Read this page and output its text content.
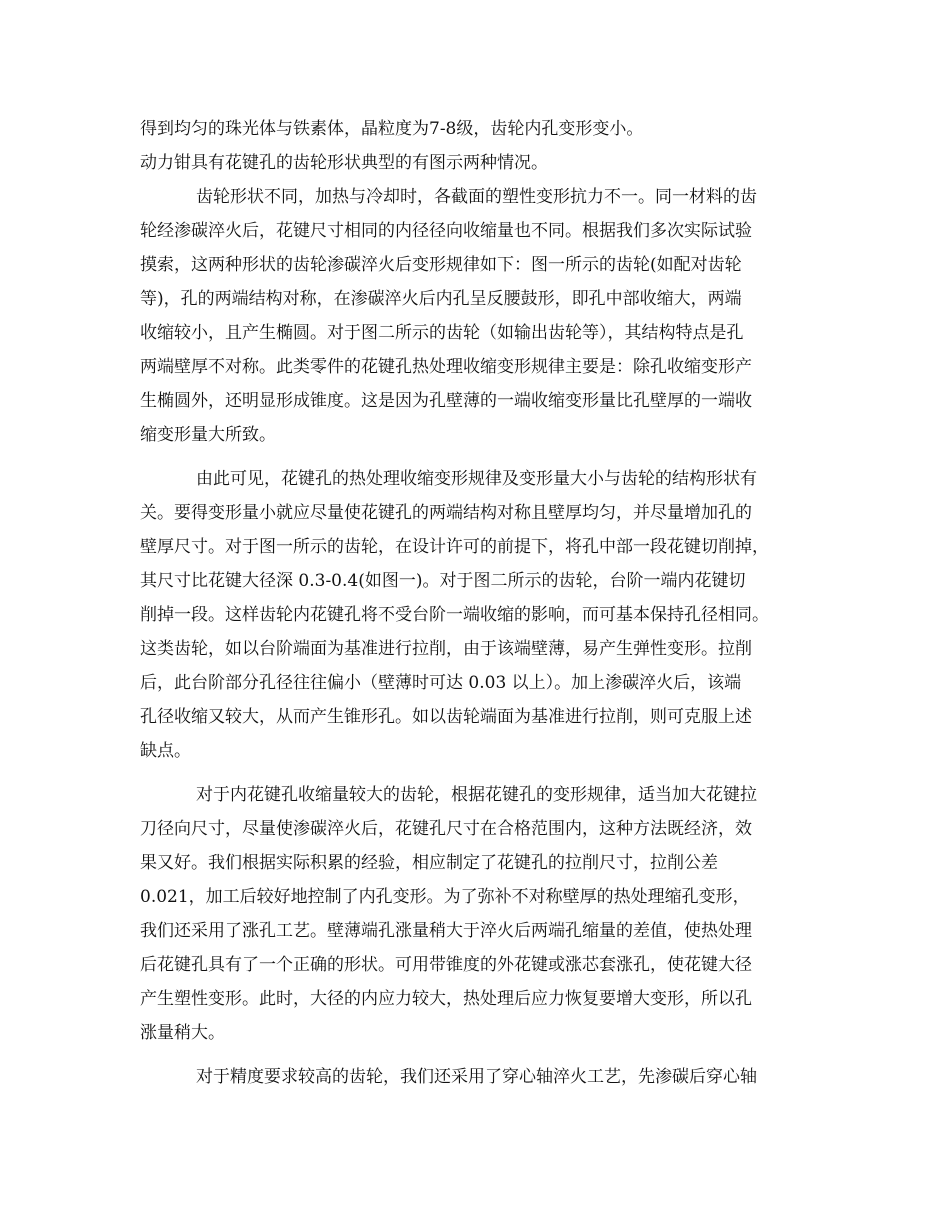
得到均匀的珠光体与铁素体，晶粒度为7-8级，齿轮内孔变形变小。
动力钳具有花键孔的齿轮形状典型的有图示两种情况。
齿轮形状不同，加热与冷却时，各截面的塑性变形抗力不一。同一材料的齿
轮经渗碳淬火后，花键尺寸相同的内径径向收缩量也不同。根据我们多次实际试验
摸索，这两种形状的齿轮渗碳淬火后变形规律如下：图一所示的齿轮(如配对齿轮
等)，孔的两端结构对称，在渗碳淬火后内孔呈反腰鼓形，即孔中部收缩大，两端
收缩较小，且产生椭圆。对于图二所示的齿轮（如输出齿轮等），其结构特点是孔
两端壁厚不对称。此类零件的花键孔热处理收缩变形规律主要是：除孔收缩变形产
生椭圆外，还明显形成锥度。这是因为孔壁薄的一端收缩变形量比孔壁厚的一端收
缩变形量大所致。
由此可见，花键孔的热处理收缩变形规律及变形量大小与齿轮的结构形状有
关。要得变形量小就应尽量使花键孔的两端结构对称且壁厚均匀，并尽量增加孔的
壁厚尺寸。对于图一所示的齿轮，在设计许可的前提下，将孔中部一段花键切削掉，
其尺寸比花键大径深 0.3-0.4(如图一)。对于图二所示的齿轮，台阶一端内花键切
削掉一段。这样齿轮内花键孔将不受台阶一端收缩的影响，而可基本保持孔径相同。
这类齿轮，如以台阶端面为基准进行拉削，由于该端壁薄，易产生弹性变形。拉削
后，此台阶部分孔径往往偏小（壁薄时可达 0.03 以上）。加上渗碳淬火后，该端
孔径收缩又较大，从而产生锥形孔。如以齿轮端面为基准进行拉削，则可克服上述
缺点。
对于内花键孔收缩量较大的齿轮，根据花键孔的变形规律，适当加大花键拉
刀径向尺寸，尽量使渗碳淬火后，花键孔尺寸在合格范围内，这种方法既经济，效
果又好。我们根据实际积累的经验，相应制定了花键孔的拉削尺寸，拉削公差
0.021，加工后较好地控制了内孔变形。为了弥补不对称壁厚的热处理缩孔变形，
我们还采用了涨孔工艺。壁薄端孔涨量稍大于淬火后两端孔缩量的差值，使热处理
后花键孔具有了一个正确的形状。可用带锥度的外花键或涨芯套涨孔，使花键大径
产生塑性变形。此时，大径的内应力较大，热处理后应力恢复要增大变形，所以孔
涨量稍大。
对于精度要求较高的齿轮，我们还采用了穿心轴淬火工艺，先渗碳后穿心轴
